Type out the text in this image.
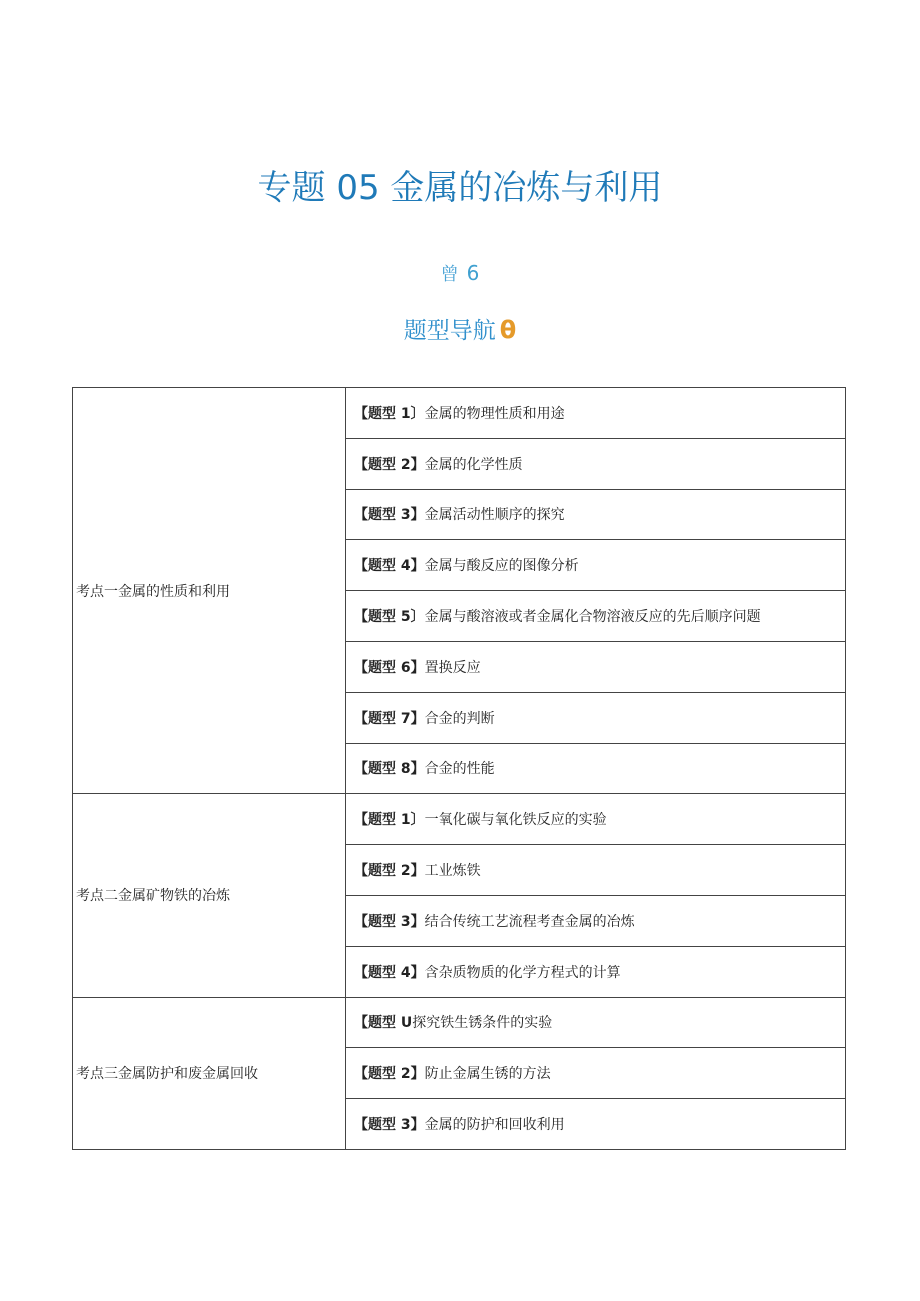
专题 05 金属的冶炼与利用
曾 6
题型导航 θ
考点一金属的性质和利用	【题型 1〕金属的物理性质和用途
	【题型 2】金属的化学性质
	【题型 3】金属活动性顺序的探究
	【题型 4】金属与酸反应的图像分析
	【题型 5〕金属与酸溶液或者金属化合物溶液反应的先后顺序问题
	【题型 6】置换反应
	【题型 7】合金的判断
	【题型 8】合金的性能
考点二金属矿物铁的冶炼	【题型 1〕一氧化碳与氧化铁反应的实验
	【题型 2】工业炼铁
	【题型 3】结合传统工艺流程考查金属的冶炼
	【题型 4】含杂质物质的化学方程式的计算
考点三金属防护和废金属回收	【题型 U探究铁生锈条件的实验
	【题型 2】防止金属生锈的方法
	【题型 3】金属的防护和回收利用
